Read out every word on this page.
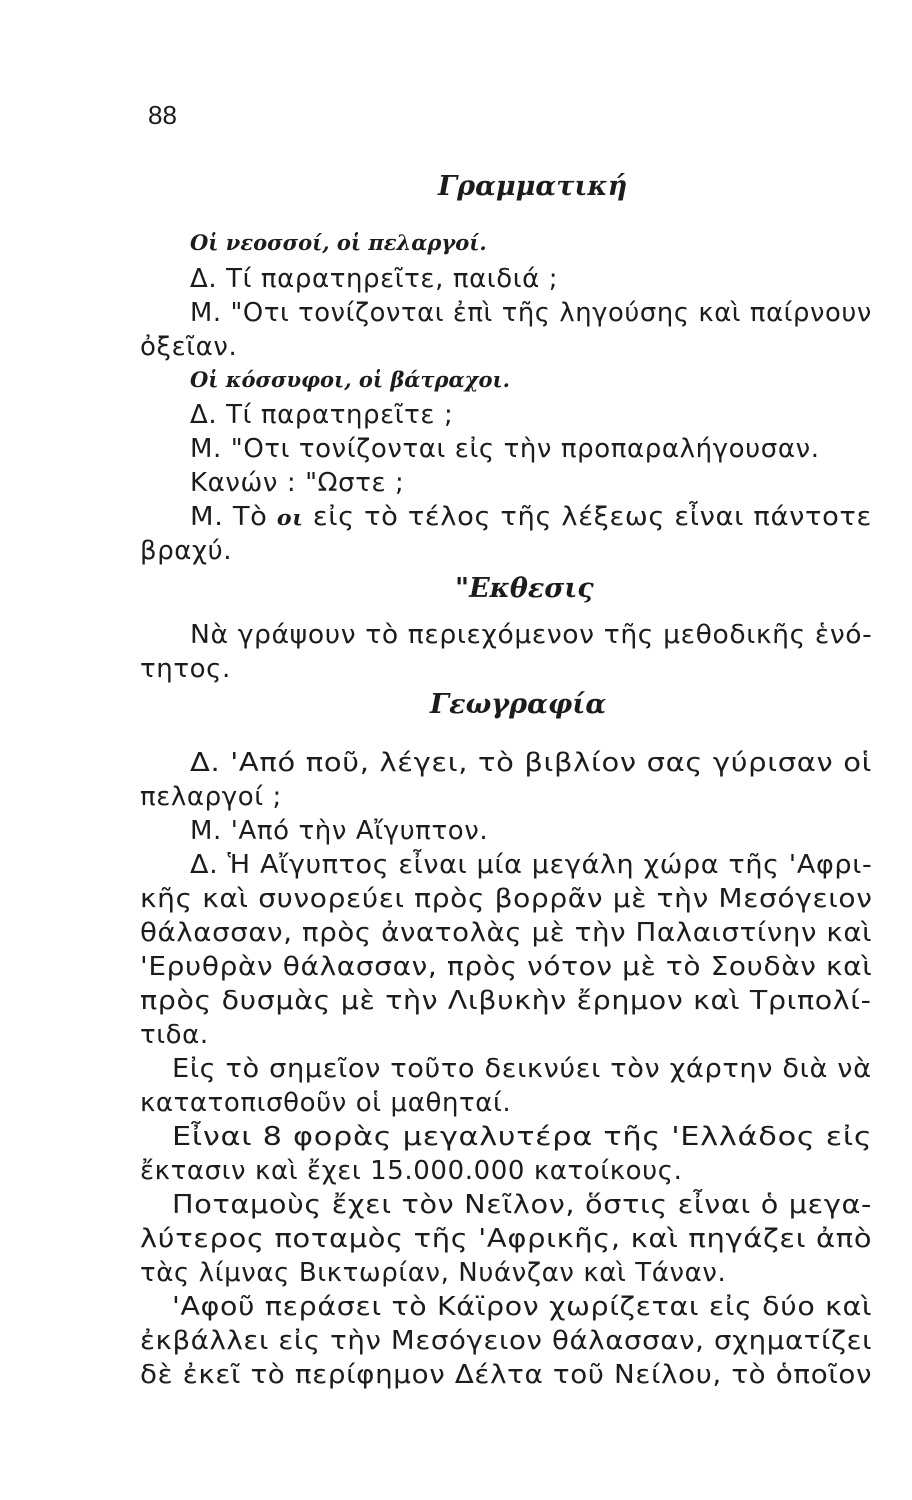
88
Γραμματική
Οἱ νεοσσοί, οἱ πελαργοί.
Δ. Τί παρατηρεῖτε, παιδιά ;
Μ. "Οτι τονίζονται ἐπὶ τῆς ληγούσης καὶ παίρνουν
ὀξεῖαν.
Οἱ κόσσυφοι, οἱ βάτραχοι.
Δ. Τί παρατηρεῖτε ;
Μ. "Οτι τονίζονται εἰς τὴν προπαραλήγουσαν.
Κανών : "Ωστε ;
Μ. Τὸ οι εἰς τὸ τέλος τῆς λέξεως εἶναι πάντοτε
βραχύ.
"Εκθεσις
Νὰ γράψουν τὸ περιεχόμενον τῆς μεθοδικῆς ἑνό-
τητος.
Γεωγραφία
Δ. 'Από ποῦ, λέγει, τὸ βιβλίον σας γύρισαν οἱ
πελαργοί ;
Μ. 'Από τὴν Αἴγυπτον.
Δ. Ἡ Αἴγυπτος εἶναι μία μεγάλη χώρα τῆς 'Αφρι-
κῆς καὶ συνορεύει πρὸς βορρᾶν μὲ τὴν Μεσόγειον
θάλασσαν, πρὸς ἀνατολὰς μὲ τὴν Παλαιστίνην καὶ
'Ερυθρὰν θάλασσαν, πρὸς νότον μὲ τὸ Σουδὰν καὶ
πρὸς δυσμὰς μὲ τὴν Λιβυκὴν ἔρημον καὶ Τριπολί-
τιδα.
Εἰς τὸ σημεῖον τοῦτο δεικνύει τὸν χάρτην διὰ νὰ
κατατοπισθοῦν οἱ μαθηταί.
Εἶναι 8 φορὰς μεγαλυτέρα τῆς 'Ελλάδος εἰς
ἔκτασιν καὶ ἔχει 15.000.000 κατοίκους.
Ποταμοὺς ἔχει τὸν Νεῖλον, ὅστις εἶναι ὁ μεγα-
λύτερος ποταμὸς τῆς 'Αφρικῆς, καὶ πηγάζει ἀπὸ
τὰς λίμνας Βικτωρίαν, Νυάνζαν καὶ Τάναν.
'Αφοῦ περάσει τὸ Κάϊρον χωρίζεται εἰς δύο καὶ
ἐκβάλλει εἰς τὴν Μεσόγειον θάλασσαν, σχηματίζει
δὲ ἐκεῖ τὸ περίφημον Δέλτα τοῦ Νείλου, τὸ ὁποῖον
